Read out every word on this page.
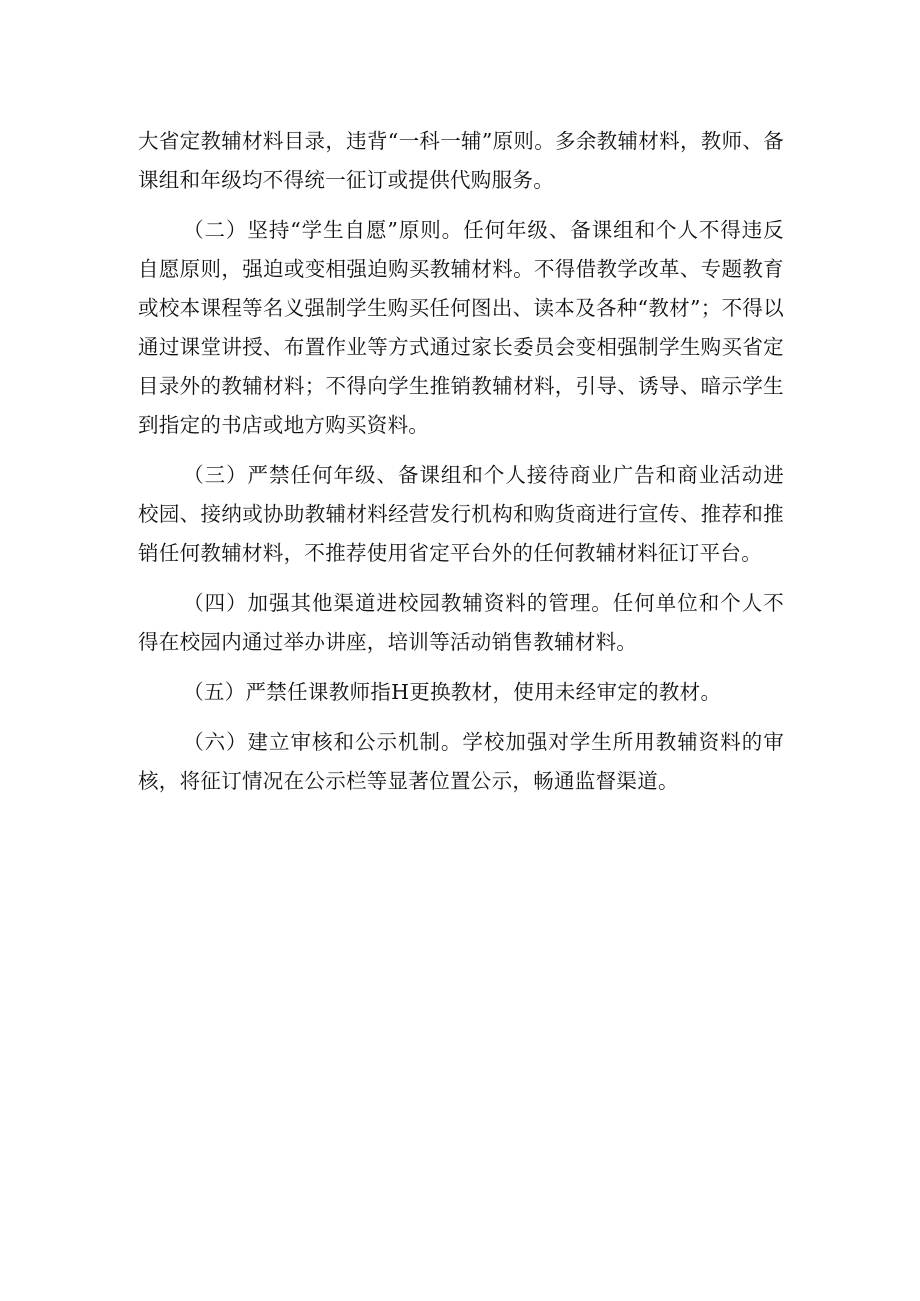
大省定教辅材料目录，违背“一科一辅”原则。多余教辅材料，教师、备课组和年级均不得统一征订或提供代购服务。

（二）坚持“学生自愿”原则。任何年级、备课组和个人不得违反自愿原则，强迫或变相强迫购买教辅材料。不得借教学改革、专题教育或校本课程等名义强制学生购买任何图出、读本及各种“教材”；不得以通过课堂讲授、布置作业等方式通过家长委员会变相强制学生购买省定目录外的教辅材料；不得向学生推销教辅材料，引导、诱导、暗示学生到指定的书店或地方购买资料。

（三）严禁任何年级、备课组和个人接待商业广告和商业活动进校园、接纳或协助教辅材料经营发行机构和购货商进行宣传、推荐和推销任何教辅材料，不推荐使用省定平台外的任何教辅材料征订平台。

（四）加强其他渠道进校园教辅资料的管理。任何单位和个人不得在校园内通过举办讲座，培训等活动销售教辅材料。

（五）严禁任课教师指H更换教材，使用未经审定的教材。

（六）建立审核和公示机制。学校加强对学生所用教辅资料的审核，将征订情况在公示栏等显著位置公示，畅通监督渠道。
